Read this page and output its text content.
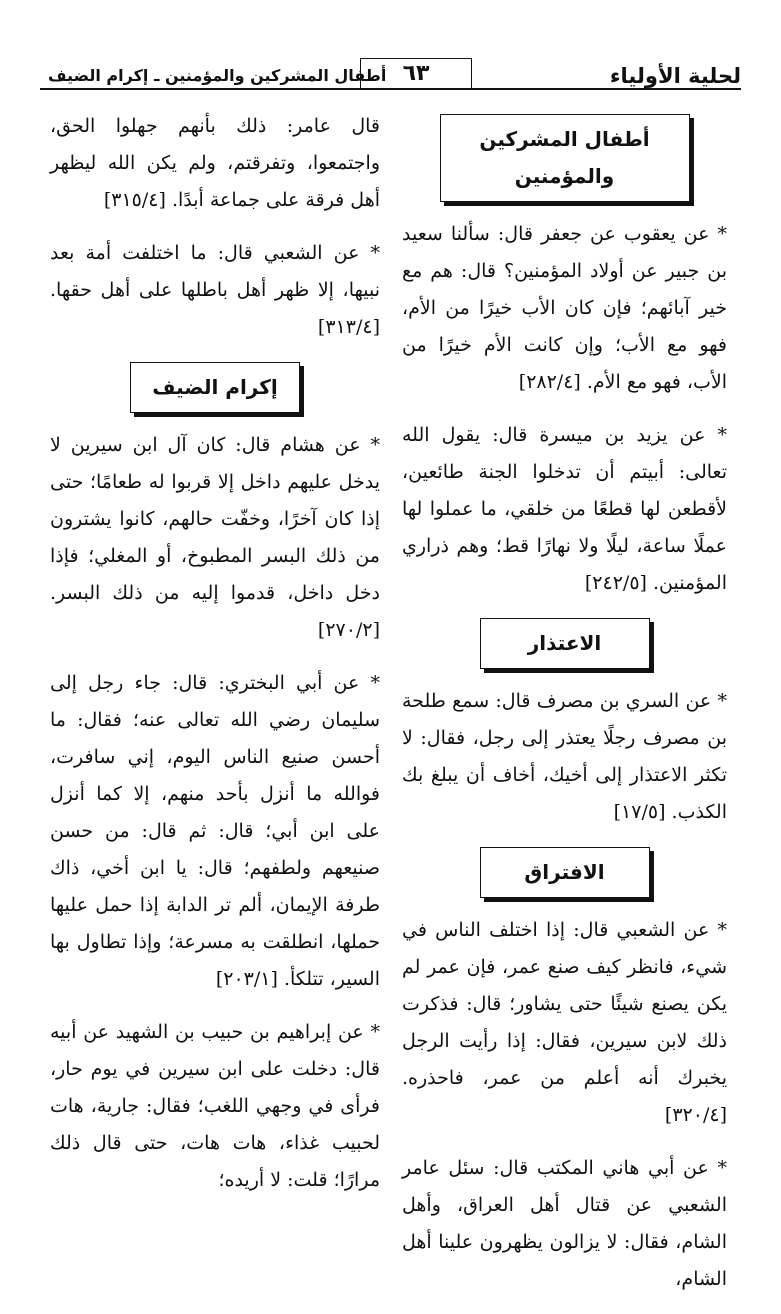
لحلية الأولياء
٦٣
أطفال المشركين والمؤمنين ـ إكرام الضيف
أطفال المشركين والمؤمنين

* عن يعقوب عن جعفر قال: سألنا سعيد بن جبير عن أولاد المؤمنين؟ قال: هم مع خير آبائهم؛ فإن كان الأب خيرًا من الأم، فهو مع الأب؛ وإن كانت الأم خيرًا من الأب، فهو مع الأم. [٢٨٢/٤]

* عن يزيد بن ميسرة قال: يقول الله تعالى: أبيتم أن تدخلوا الجنة طائعين، لأقطعن لها قطعًا من خلقي، ما عملوا لها عملًا ساعة، ليلًا ولا نهارًا قط؛ وهم ذراري المؤمنين. [٢٤٢/٥]

الاعتذار

* عن السري بن مصرف قال: سمع طلحة بن مصرف رجلًا يعتذر إلى رجل، فقال: لا تكثر الاعتذار إلى أخيك، أخاف أن يبلغ بك الكذب. [١٧/٥]

الافتراق

* عن الشعبي قال: إذا اختلف الناس في شيء، فانظر كيف صنع عمر، فإن عمر لم يكن يصنع شيئًا حتى يشاور؛ قال: فذكرت ذلك لابن سيرين، فقال: إذا رأيت الرجل يخبرك أنه أعلم من عمر، فاحذره. [٣٢٠/٤]

* عن أبي هاني المكتب قال: سئل عامر الشعبي عن قتال أهل العراق، وأهل الشام، فقال: لا يزالون يظهرون علينا أهل الشام،

قال عامر: ذلك بأنهم جهلوا الحق، واجتمعوا، وتفرقتم، ولم يكن الله ليظهر أهل فرقة على جماعة أبدًا. [٣١٥/٤]

* عن الشعبي قال: ما اختلفت أمة بعد نبيها، إلا ظهر أهل باطلها على أهل حقها. [٣١٣/٤]

إكرام الضيف

* عن هشام قال: كان آل ابن سيرين لا يدخل عليهم داخل إلا قربوا له طعامًا؛ حتى إذا كان آخرًا، وخفّت حالهم، كانوا يشترون من ذلك البسر المطبوخ، أو المغلي؛ فإذا دخل داخل، قدموا إليه من ذلك البسر. [٢٧٠/٢]

* عن أبي البختري: قال: جاء رجل إلى سليمان رضي الله تعالى عنه؛ فقال: ما أحسن صنيع الناس اليوم، إني سافرت، فوالله ما أنزل بأحد منهم، إلا كما أنزل على ابن أبي؛ قال: ثم قال: من حسن صنيعهم ولطفهم؛ قال: يا ابن أخي، ذاك طرفة الإيمان، ألم تر الدابة إذا حمل عليها حملها، انطلقت به مسرعة؛ وإذا تطاول بها السير، تتلكأ. [٢٠٣/١]

* عن إبراهيم بن حبيب بن الشهيد عن أبيه قال: دخلت على ابن سيرين في يوم حار، فرأى في وجهي اللغب؛ فقال: جارية، هات لحبيب غذاء، هات هات، حتى قال ذلك مرارًا؛ قلت: لا أريده؛
